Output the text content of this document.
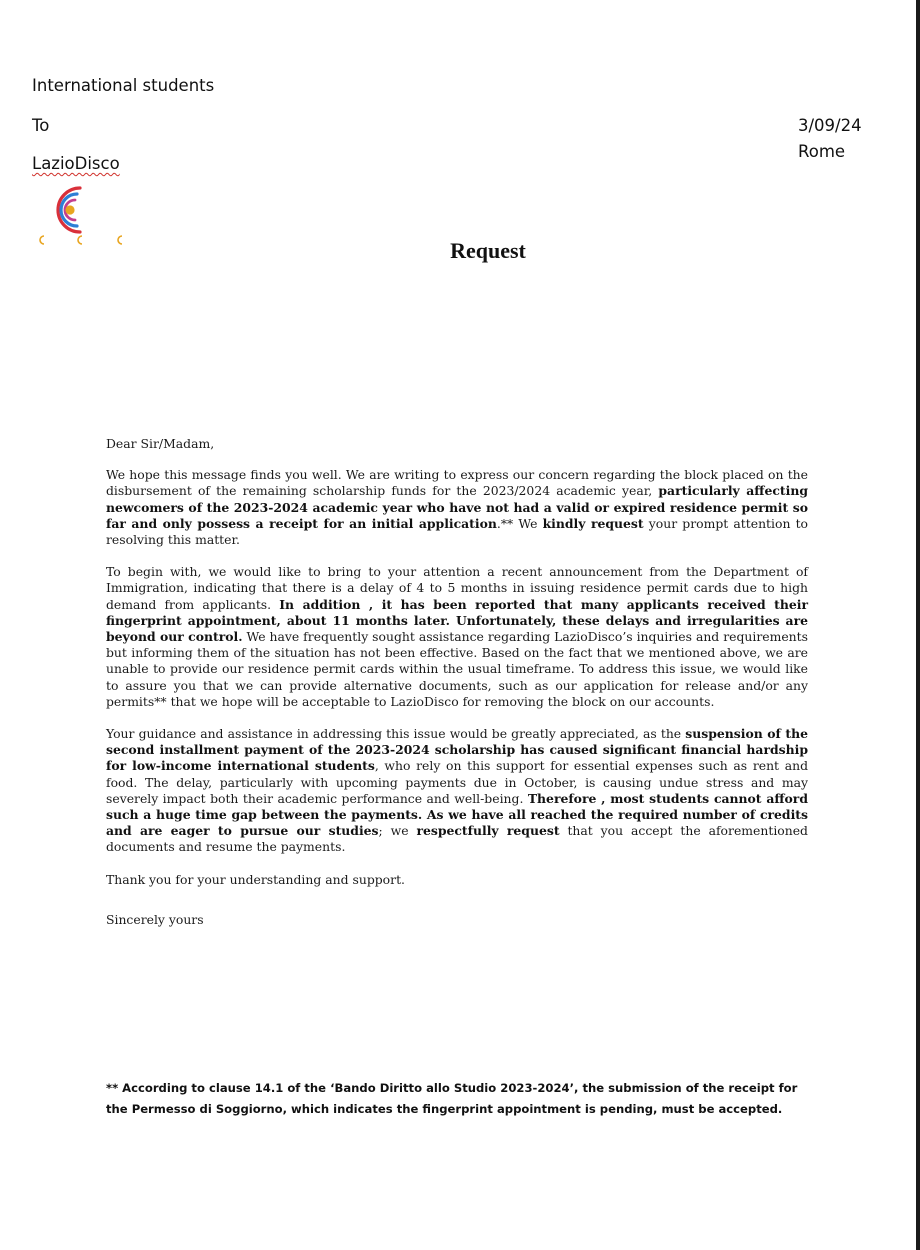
International students
To
LazioDisco
3/09/24
Rome
Request

Dear Sir/Madam,

We hope this message finds you well. We are writing to express our concern regarding the block placed on the disbursement of the remaining scholarship funds for the 2023/2024 academic year, particularly affecting newcomers of the 2023-2024 academic year who have not had a valid or expired residence permit so far and only possess a receipt for an initial application.** We kindly request your prompt attention to resolving this matter.

To begin with, we would like to bring to your attention a recent announcement from the Department of Immigration, indicating that there is a delay of 4 to 5 months in issuing residence permit cards due to high demand from applicants. In addition , it has been reported that many applicants received their fingerprint appointment, about 11 months later. Unfortunately, these delays and irregularities are beyond our control. We have frequently sought assistance regarding LazioDisco’s inquiries and requirements but informing them of the situation has not been effective. Based on the fact that we mentioned above, we are unable to provide our residence permit cards within the usual timeframe. To address this issue, we would like to assure you that we can provide alternative documents, such as our application for release and/or any permits** that we hope will be acceptable to LazioDisco for removing the block on our accounts.

Your guidance and assistance in addressing this issue would be greatly appreciated, as the suspension of the second installment payment of the 2023-2024 scholarship has caused significant financial hardship for low-income international students, who rely on this support for essential expenses such as rent and food. The delay, particularly with upcoming payments due in October, is causing undue stress and may severely impact both their academic performance and well-being. Therefore , most students cannot afford such a huge time gap between the payments. As we have all reached the required number of credits and are eager to pursue our studies; we respectfully request that you accept the aforementioned documents and resume the payments.

Thank you for your understanding and support.

Sincerely yours

** According to clause 14.1 of the ‘Bando Diritto allo Studio 2023-2024’, the submission of the receipt for the Permesso di Soggiorno, which indicates the fingerprint appointment is pending, must be accepted.
